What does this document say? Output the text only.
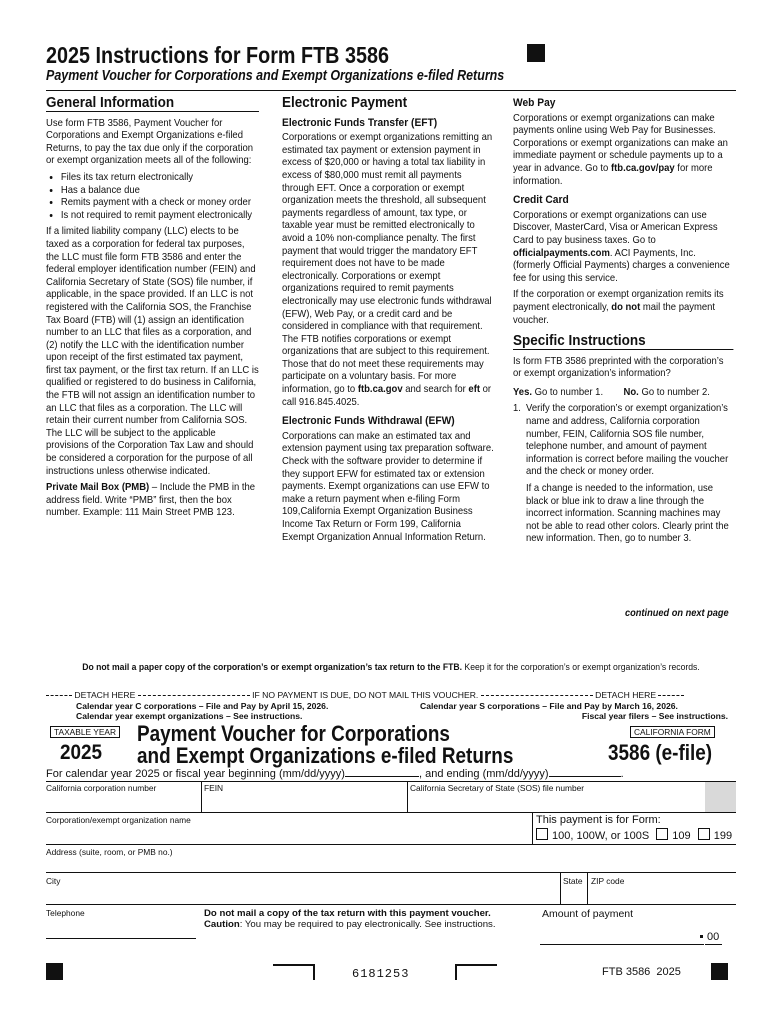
2025 Instructions for Form FTB 3586
Payment Voucher for Corporations and Exempt Organizations e-filed Returns
General Information

Use form FTB 3586, Payment Voucher for Corporations and Exempt Organizations e-filed Returns, to pay the tax due only if the corporation or exempt organization meets all of the following:

• Files its tax return electronically
• Has a balance due
• Remits payment with a check or money order
• Is not required to remit payment electronically

If a limited liability company (LLC) elects to be taxed as a corporation for federal tax purposes, the LLC must file form FTB 3586 and enter the federal employer identification number (FEIN) and California Secretary of State (SOS) file number, if applicable, in the space provided. If an LLC is not registered with the California SOS, the Franchise Tax Board (FTB) will (1) assign an identification number to an LLC that files as a corporation, and (2) notify the LLC with the identification number upon receipt of the first estimated tax payment, first tax payment, or the first tax return. If an LLC is qualified or registered to do business in California, the FTB will not assign an identification number to an LLC that files as a corporation. The LLC will retain their current number from California SOS. The LLC will be subject to the applicable provisions of the Corporation Tax Law and should be considered a corporation for the purpose of all instructions unless otherwise indicated.

Private Mail Box (PMB) – Include the PMB in the address field. Write “PMB” first, then the box number. Example: 111 Main Street PMB 123.

Electronic Payment
Electronic Funds Transfer (EFT)

Corporations or exempt organizations remitting an estimated tax payment or extension payment in excess of $20,000 or having a total tax liability in excess of $80,000 must remit all payments through EFT. Once a corporation or exempt organization meets the threshold, all subsequent payments regardless of amount, tax type, or taxable year must be remitted electronically to avoid a 10% non-compliance penalty. The first payment that would trigger the mandatory EFT requirement does not have to be made electronically. Corporations or exempt organizations required to remit payments electronically may use electronic funds withdrawal (EFW), Web Pay, or a credit card and be considered in compliance with that requirement. The FTB notifies corporations or exempt organizations that are subject to this requirement. Those that do not meet these requirements may participate on a voluntary basis. For more information, go to ftb.ca.gov and search for eft or call 916.845.4025.

Electronic Funds Withdrawal (EFW)

Corporations can make an estimated tax and extension payment using tax preparation software. Check with the software provider to determine if they support EFW for estimated tax or extension payments. Exempt organizations can use EFW to make a return payment when e-filing Form 109,California Exempt Organization Business Income Tax Return or Form 199, California Exempt Organization Annual Information Return.

Web Pay

Corporations or exempt organizations can make payments online using Web Pay for Businesses. Corporations or exempt organizations can make an immediate payment or schedule payments up to a year in advance. Go to ftb.ca.gov/pay for more information.

Credit Card

Corporations or exempt organizations can use Discover, MasterCard, Visa or American Express Card to pay business taxes. Go to officialpayments.com. ACI Payments, Inc. (formerly Official Payments) charges a convenience fee for using this service.

If the corporation or exempt organization remits its payment electronically, do not mail the payment voucher.

Specific Instructions

Is form FTB 3586 preprinted with the corporation’s or exempt organization’s information?

Yes. Go to number 1. No. Go to number 2.

1. Verify the corporation’s or exempt organization’s name and address, California corporation number, FEIN, California SOS file number, telephone number, and amount of payment information is correct before mailing the voucher and the check or money order.

If a change is needed to the information, use black or blue ink to draw a line through the incorrect information. Scanning machines may not be able to read other colors. Clearly print the new information. Then, go to number 3.

continued on next page
Do not mail a paper copy of the corporation’s or exempt organization’s tax return to the FTB. Keep it for the corporation’s or exempt organization’s records.
DETACH HERE	IF NO PAYMENT IS DUE, DO NOT MAIL THIS VOUCHER.	DETACH HERE
Calendar year C corporations – File and Pay by April 15, 2026.
Calendar year exempt organizations – See instructions.
Calendar year S corporations – File and Pay by March 16, 2026.
Fiscal year filers – See instructions.
TAXABLE YEAR
2025
Payment Voucher for Corporations
and Exempt Organizations e-filed Returns
CALIFORNIA FORM
3586 (e-file)
For calendar year 2025 or fiscal year beginning (mm/dd/yyyy)	, and ending (mm/dd/yyyy)	.
California corporation number	FEIN	California Secretary of State (SOS) file number
Corporation/exempt organization name	This payment is for Form:
100, 100W, or 100S 109 199
Address (suite, room, or PMB no.)
City	State ZIP code
Telephone	Do not mail a copy of the tax return with this payment voucher.
Caution: You may be required to pay electronically. See instructions.
Amount of payment
00
6181253	FTB 3586  2025
